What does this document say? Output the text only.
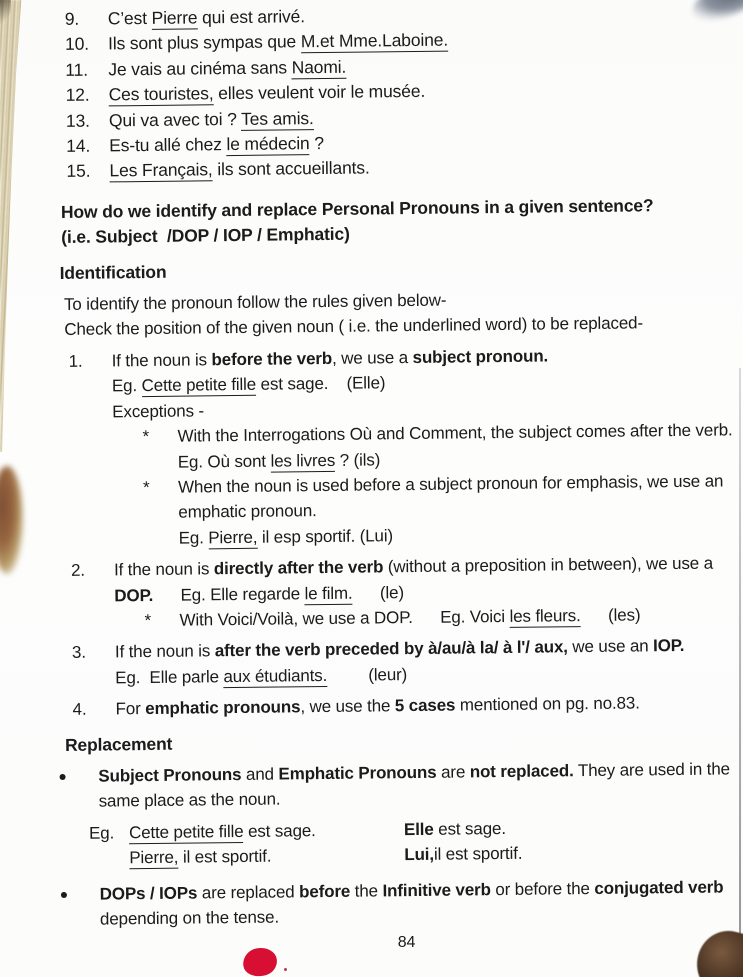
9.	C’est Pierre qui est arrivé.
10.	Ils sont plus sympas que M.et Mme.Laboine.
11.	Je vais au cinéma sans Naomi.
12.	Ces touristes, elles veulent voir le musée.
13.	Qui va avec toi ? Tes amis.
14.	Es-tu allé chez le médecin ?
15.	Les Français, ils sont accueillants.
How do we identify and replace Personal Pronouns in a given sentence?
(i.e. Subject  /DOP / IOP / Emphatic)
Identification
To identify the pronoun follow the rules given below-
Check the position of the given noun ( i.e. the underlined word) to be replaced-
1.	If the noun is before the verb, we use a subject pronoun.
Eg. Cette petite fille est sage.    (Elle)
Exceptions -
*	With the Interrogations Où and Comment, the subject comes after the verb.
Eg. Où sont les livres ? (ils)
*	When the noun is used before a subject pronoun for emphasis, we use an
emphatic pronoun.
Eg. Pierre, il esp sportif. (Lui)
2.	If the noun is directly after the verb (without a preposition in between), we use a
DOP.      Eg. Elle regarde le film.      (le)
*	With Voici/Voilà, we use a DOP.      Eg. Voici les fleurs.      (les)
3.	If the noun is after the verb preceded by à/au/à la/ à l'/ aux, we use an IOP.
Eg.  Elle parle aux étudiants.         (leur)
4.	For emphatic pronouns, we use the 5 cases mentioned on pg. no.83.
Replacement
●	Subject Pronouns and Emphatic Pronouns are not replaced. They are used in the
same place as the noun.
Eg. Cette petite fille est sage.	Elle est sage.
Pierre, il est sportif.	Lui,il est sportif.
●	DOPs / IOPs are replaced before the Infinitive verb or before the conjugated verb
depending on the tense.
84
